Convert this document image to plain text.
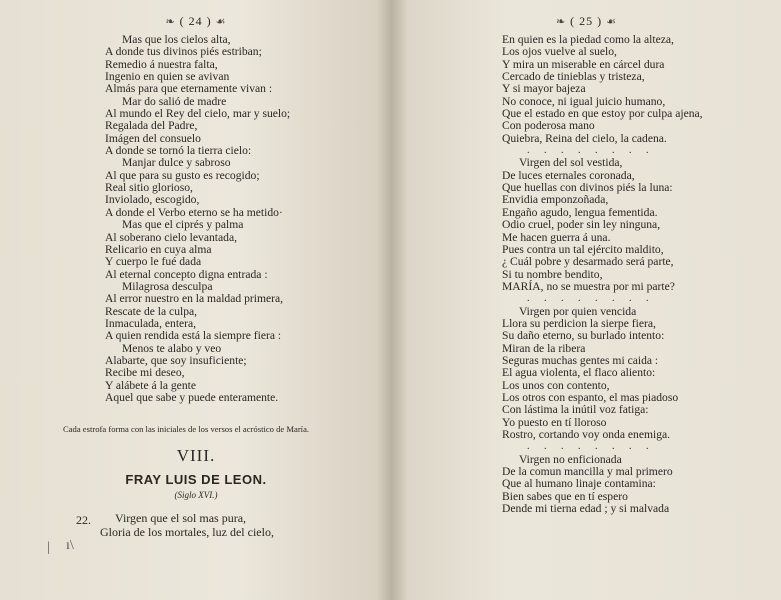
❧ ( 24 ) ☙
Mas que los cielos alta,
A donde tus divinos piés estriban;
Remedio á nuestra falta,
Ingenio en quien se avivan
Almás para que eternamente vivan :
Mar do salió de madre
Al mundo el Rey del cielo, mar y suelo;
Regalada del Padre,
Imágen del consuelo
A donde se tornó la tierra cielo:
Manjar dulce y sabroso
Al que para su gusto es recogido;
Real sitio glorioso,
Inviolado, escogido,
A donde el Verbo eterno se ha metido·
Mas que el ciprés y palma
Al soberano cielo levantada,
Relicario en cuya alma
Y cuerpo le fué dada
Al eternal concepto digna entrada :
Milagrosa desculpa
Al error nuestro en la maldad primera,
Rescate de la culpa,
Inmaculada, entera,
A quien rendida está la siempre fiera :
Menos te alabo y veo
Alabarte, que soy insuficiente;
Recibe mi deseo,
Y alábete á la gente
Aquel que sabe y puede enteramente.
Cada estrofa forma con las iniciales de los versos el acróstico de María.
VIII.
FRAY LUIS DE LEON.
(Siglo XVI.)
22.	Virgen que el sol mas pura,
Gloria de los mortales, luz del cielo,
| ı\
❧ ( 25 ) ☙
En quien es la piedad como la alteza,
Los ojos vuelve al suelo,
Y mira un miserable en cárcel dura
Cercado de tinieblas y tristeza,
Y si mayor bajeza
No conoce, ni igual juicio humano,
Que el estado en que estoy por culpa ajena,
Con poderosa mano
Quiebra, Reina del cielo, la cadena.
. . . . . . . .
Virgen del sol vestida,
De luces eternales coronada,
Que huellas con divinos piés la luna:
Envidia emponzoñada,
Engaño agudo, lengua fementida.
Odio cruel, poder sin ley ninguna,
Me hacen guerra á una.
Pues contra un tal ejército maldito,
¿ Cuál pobre y desarmado será parte,
Si tu nombre bendito,
MARÍA, no se muestra por mi parte?
. . . . . . . .
Virgen por quien vencida
Llora su perdicion la sierpe fiera,
Su daño eterno, su burlado intento:
Miran de la ribera
Seguras muchas gentes mi caida :
El agua violenta, el flaco aliento:
Los unos con contento,
Los otros con espanto, el mas piadoso
Con lástima la inútil voz fatiga:
Yo puesto en tí lloroso
Rostro, cortando voy onda enemiga.
. . . . . . . .
Virgen no enficionada
De la comun mancilla y mal primero
Que al humano linaje contamina:
Bien sabes que en tí espero
Dende mi tierna edad ; y si malvada
